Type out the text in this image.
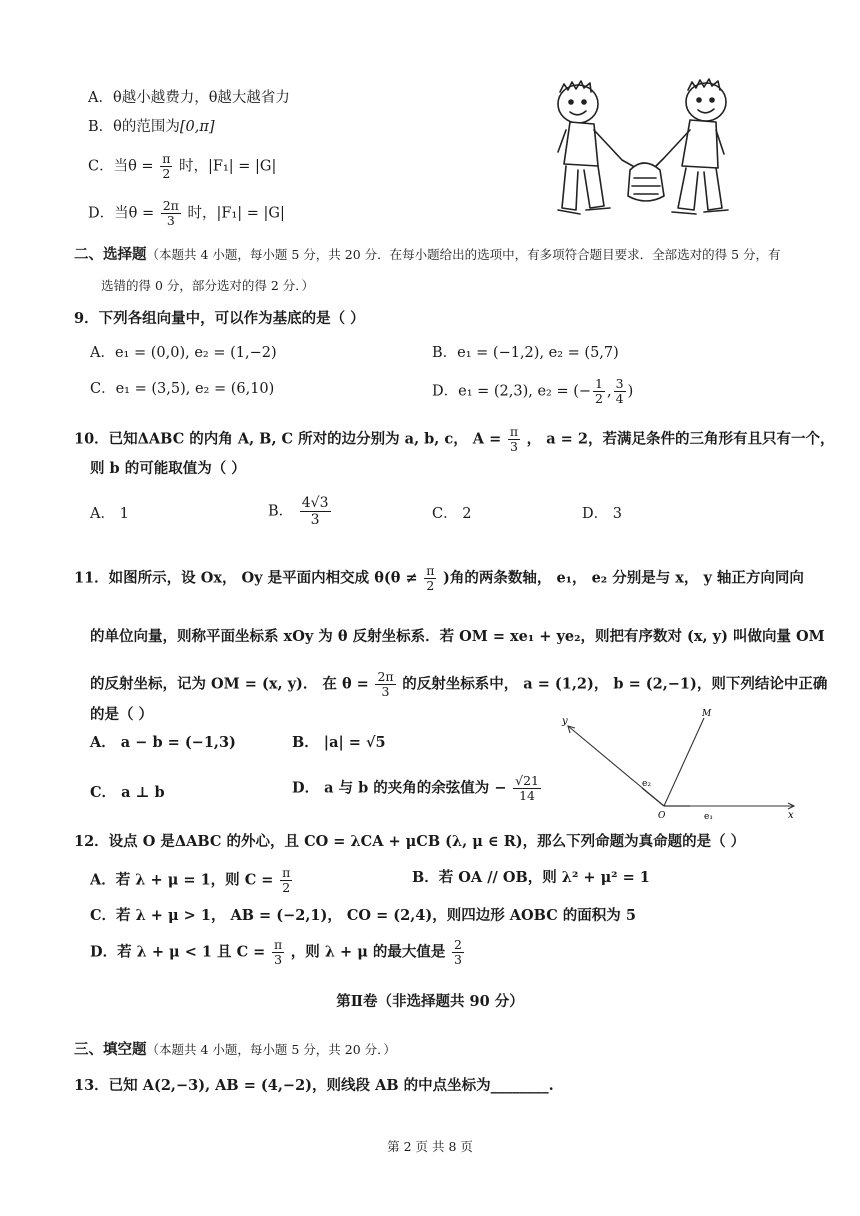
A．θ越小越费力，θ越大越省力
B．θ的范围为[0,π]
C．当$\theta = \frac{\pi}{2}$ 时，|F₁| = |G|
D．当$\theta = \frac{2\pi}{3}$ 时，|F₁| = |G|
二、选择题（本题共 4 小题，每小题 5 分，共 20 分．在每小题给出的选项中，有多项符合题目要求．全部选对的得 5 分，有
选错的得 0 分，部分选对的得 2 分．）
9．下列各组向量中，可以作为基底的是（ ）
A．e₁ = (0,0), e₂ = (1,−2)	B．e₁ = (−1,2), e₂ = (5,7)
C．e₁ = (3,5), e₂ = (6,10)	D．e₁ = (2,3), e₂ = (− $\frac{1}{2}$ , $\frac{3}{4}$ )
10．已知ΔABC 的内角 A, B, C 所对的边分别为 a, b, c， $A = \frac{\pi}{3}$ ， a = 2，若满足条件的三角形有且只有一个，
则 b 的可能取值为（ ）
A． 1	B． $\frac{4√3}{3}$	C． 2	D． 3
11．如图所示，设 Ox， Oy 是平面内相交成 $\theta(\theta \ne \frac{\pi}{2}$ )角的两条数轴， e₁， e₂ 分别是与 x， y 轴正方向同向
的单位向量，则称平面坐标系 xOy 为 θ 反射坐标系．若 OM = xe₁ + ye₂，则把有序数对 (x, y) 叫做向量 OM
的反射坐标，记为 OM = (x, y)． 在 $\theta = \frac{2\pi}{3}$ 的反射坐标系中， a = (1,2)， b = (2,−1)，则下列结论中正确
的是（ ）
A． a − b = (−1,3)	B． |a| = √5
C． a ⊥ b	D． a 与 b 的夹角的余弦值为 − $\frac{√21}{14}$
y
x
M
O	e₁
e₂
12．设点 O 是ΔABC 的外心，且 CO = λCA + μCB (λ, μ ∈ R)，那么下列命题为真命题的是（ ）
A．若 λ + μ = 1，则 $C = \frac{\pi}{2}$	B．若 OA // OB，则 λ² + μ² = 1
C．若 λ + μ > 1， AB = (−2,1)， CO = (2,4)，则四边形 AOBC 的面积为 5
D．若 λ + μ < 1 且 $C = \frac{\pi}{3}$ ，则 λ + μ 的最大值是 $\frac{2}{3}$
第Ⅱ卷（非选择题共 90 分）
三、填空题（本题共 4 小题，每小题 5 分，共 20 分．）
13．已知 A(2,−3), AB = (4,−2)，则线段 AB 的中点坐标为________.
第 2 页 共 8 页
